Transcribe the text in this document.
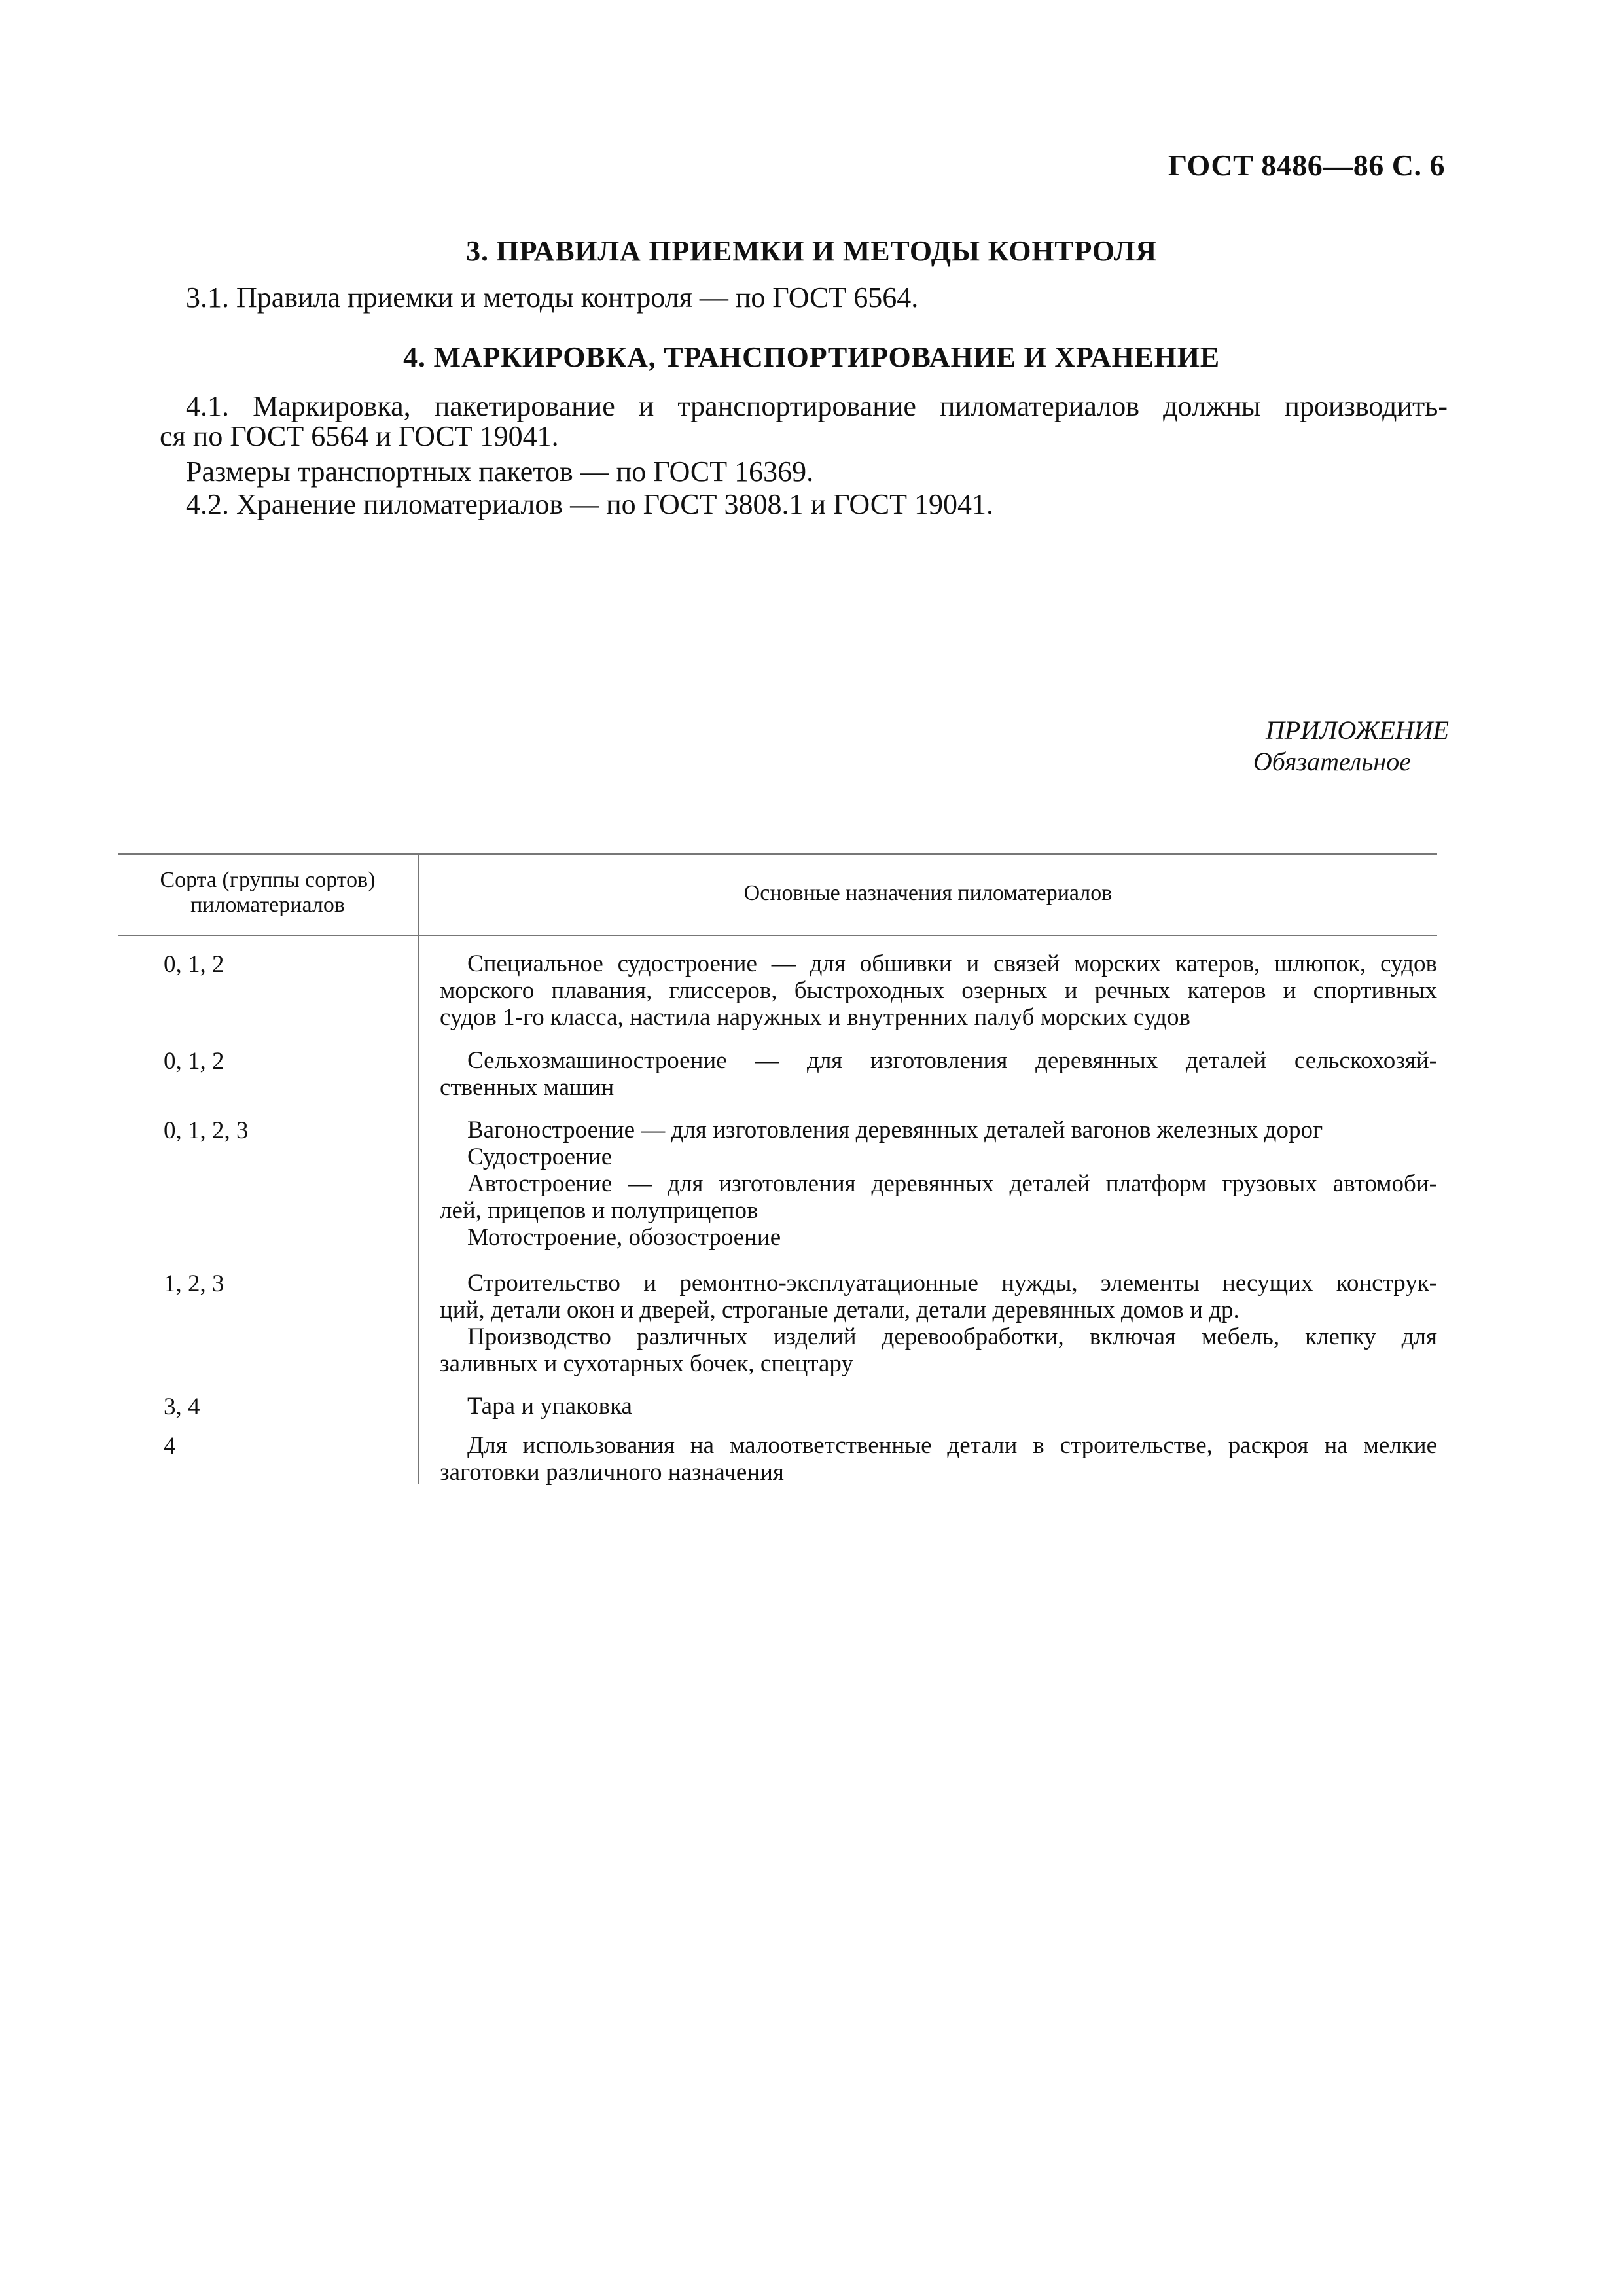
ГОСТ 8486—86 С. 6
3. ПРАВИЛА ПРИЕМКИ И МЕТОДЫ КОНТРОЛЯ
3.1. Правила приемки и методы контроля — по ГОСТ 6564.
4. МАРКИРОВКА, ТРАНСПОРТИРОВАНИЕ И ХРАНЕНИЕ
4.1. Маркировка, пакетирование и транспортирование пиломатериалов должны производить-
ся по ГОСТ 6564 и ГОСТ 19041.
Размеры транспортных пакетов — по ГОСТ 16369.
4.2. Хранение пиломатериалов — по ГОСТ 3808.1 и ГОСТ 19041.
ПРИЛОЖЕНИЕ
Обязательное
Сорта (группы сортов)
пиломатериалов	Основные назначения пиломатериалов
0, 1, 2	Специальное судостроение — для обшивки и связей морских катеров, шлюпок, судов
морского плавания, глиссеров, быстроходных озерных и речных катеров и спортивных
судов 1-го класса, настила наружных и внутренних палуб морских судов
0, 1, 2	Сельхозмашиностроение — для изготовления деревянных деталей сельскохозяй-
ственных машин
0, 1, 2, 3	Вагоностроение — для изготовления деревянных деталей вагонов железных дорог
Судостроение
Автостроение — для изготовления деревянных деталей платформ грузовых автомоби-
лей, прицепов и полуприцепов
Мотостроение, обозостроение
1, 2, 3	Строительство и ремонтно-эксплуатационные нужды, элементы несущих конструк-
ций, детали окон и дверей, строганые детали, детали деревянных домов и др.
Производство различных изделий деревообработки, включая мебель, клепку для
заливных и сухотарных бочек, спецтару
3, 4	Тара и упаковка
4	Для использования на малоответственные детали в строительстве, раскроя на мелкие
заготовки различного назначения
